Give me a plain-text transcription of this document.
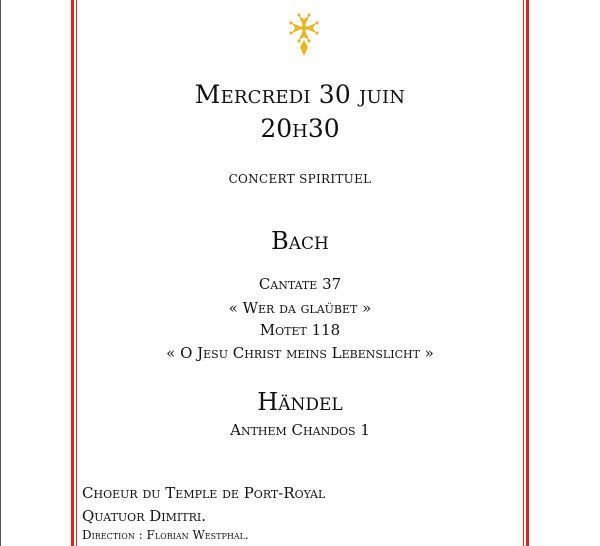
Mercredi 30 juin
20h30
CONCERT SPIRITUEL
Bach
Cantate 37
« Wer da glaübet »
Motet 118
« O Jesu Christ meins Lebenslicht »
Händel
Anthem Chandos 1
Choeur du Temple de Port-Royal
Quatuor Dimitri.
Direction : Florian Westphal.
